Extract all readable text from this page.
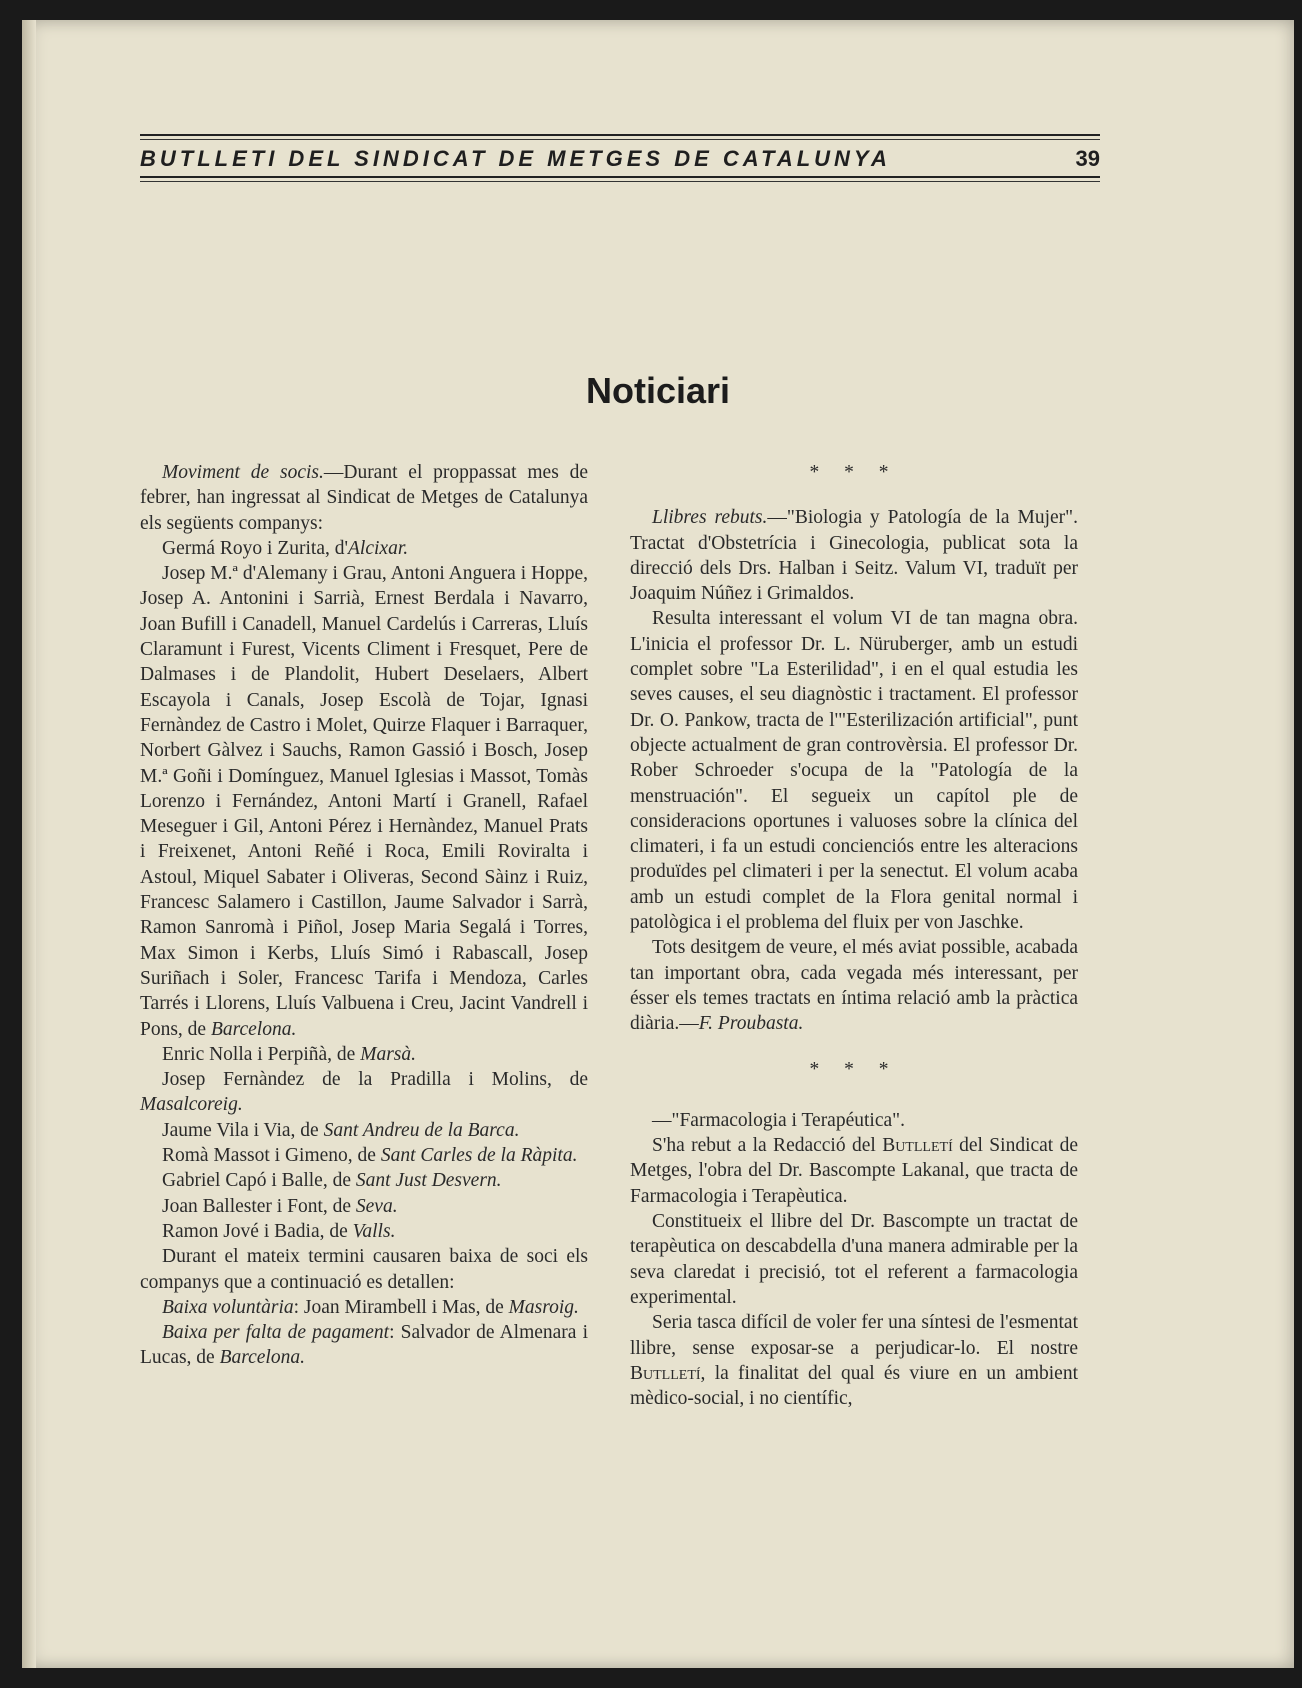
BUTLLETI DEL SINDICAT DE METGES DE CATALUNYA	39
Noticiari

Moviment de socis.—Durant el proppassat mes de febrer, han ingressat al Sindicat de Metges de Catalunya els següents companys:

Germá Royo i Zurita, d'Alcixar.

Josep M.ª d'Alemany i Grau, Antoni Anguera i Hoppe, Josep A. Antonini i Sarrià, Ernest Berdala i Navarro, Joan Bufill i Canadell, Manuel Cardelús i Carreras, Lluís Claramunt i Furest, Vicents Climent i Fresquet, Pere de Dalmases i de Plandolit, Hubert Deselaers, Albert Escayola i Canals, Josep Escolà de Tojar, Ignasi Fernàndez de Castro i Molet, Quirze Flaquer i Barraquer, Norbert Gàlvez i Sauchs, Ramon Gassió i Bosch, Josep M.ª Goñi i Domínguez, Manuel Iglesias i Massot, Tomàs Lorenzo i Fernández, Antoni Martí i Granell, Rafael Meseguer i Gil, Antoni Pérez i Hernàndez, Manuel Prats i Freixenet, Antoni Reñé i Roca, Emili Roviralta i Astoul, Miquel Sabater i Oliveras, Second Sàinz i Ruiz, Francesc Salamero i Castillon, Jaume Salvador i Sarrà, Ramon Sanromà i Piñol, Josep Maria Segalá i Torres, Max Simon i Kerbs, Lluís Simó i Rabascall, Josep Suriñach i Soler, Francesc Tarifa i Mendoza, Carles Tarrés i Llorens, Lluís Valbuena i Creu, Jacint Vandrell i Pons, de Barcelona.

Enric Nolla i Perpiñà, de Marsà.

Josep Fernàndez de la Pradilla i Molins, de Masalcoreig.

Jaume Vila i Via, de Sant Andreu de la Barca.

Romà Massot i Gimeno, de Sant Carles de la Ràpita.

Gabriel Capó i Balle, de Sant Just Desvern.

Joan Ballester i Font, de Seva.

Ramon Jové i Badia, de Valls.

Durant el mateix termini causaren baixa de soci els companys que a continuació es detallen:

Baixa voluntària: Joan Mirambell i Mas, de Masroig.

Baixa per falta de pagament: Salvador de Almenara i Lucas, de Barcelona.

* * *

Llibres rebuts.—"Biologia y Patología de la Mujer". Tractat d'Obstetrícia i Ginecologia, publicat sota la direcció dels Drs. Halban i Seitz. Valum VI, traduït per Joaquim Núñez i Grimaldos.

Resulta interessant el volum VI de tan magna obra. L'inicia el professor Dr. L. Nüruberger, amb un estudi complet sobre "La Esterilidad", i en el qual estudia les seves causes, el seu diagnòstic i tractament. El professor Dr. O. Pankow, tracta de l'"Esterilización artificial", punt objecte actualment de gran controvèrsia. El professor Dr. Rober Schroeder s'ocupa de la "Patología de la menstruación". El segueix un capítol ple de consideracions oportunes i valuoses sobre la clínica del climateri, i fa un estudi concienciós entre les alteracions produïdes pel climateri i per la senectut. El volum acaba amb un estudi complet de la Flora genital normal i patològica i el problema del fluix per von Jaschke.

Tots desitgem de veure, el més aviat possible, acabada tan important obra, cada vegada més interessant, per ésser els temes tractats en íntima relació amb la pràctica diària.—F. Proubasta.

* * *

—"Farmacologia i Terapéutica".

S'ha rebut a la Redacció del Butlletí del Sindicat de Metges, l'obra del Dr. Bascompte Lakanal, que tracta de Farmacologia i Terapèutica.

Constitueix el llibre del Dr. Bascompte un tractat de terapèutica on descabdella d'una manera admirable per la seva claredat i precisió, tot el referent a farmacologia experimental.

Seria tasca difícil de voler fer una síntesi de l'esmentat llibre, sense exposar-se a perjudicar-lo. El nostre Butlletí, la finalitat del qual és viure en un ambient mèdico-social, i no científic,
